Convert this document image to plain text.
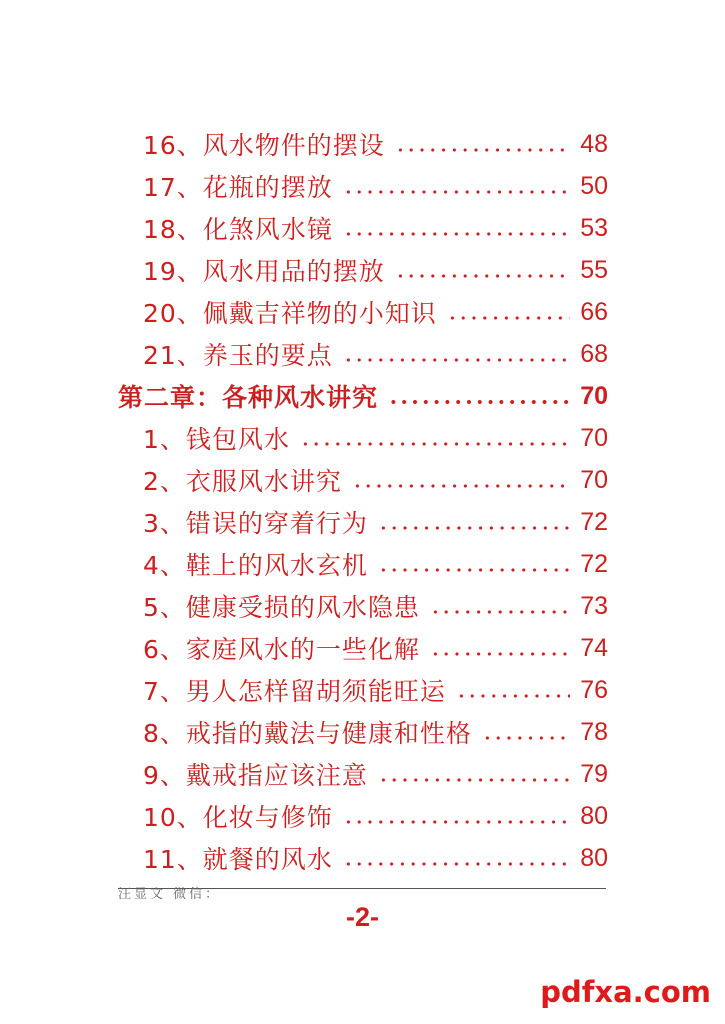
16、风水物件的摆设	48
17、花瓶的摆放	50
18、化煞风水镜	53
19、风水用品的摆放	55
20、佩戴吉祥物的小知识	66
21、养玉的要点	68
第二章：各种风水讲究	70
1、钱包风水	70
2、衣服风水讲究	70
3、错误的穿着行为	72
4、鞋上的风水玄机	72
5、健康受损的风水隐患	73
6、家庭风水的一些化解	74
7、男人怎样留胡须能旺运	76
8、戒指的戴法与健康和性格	78
9、戴戒指应该注意	79
10、化妆与修饰	80
11、就餐的风水	80
汪显文 微信：
-2-
pdfxa.com
